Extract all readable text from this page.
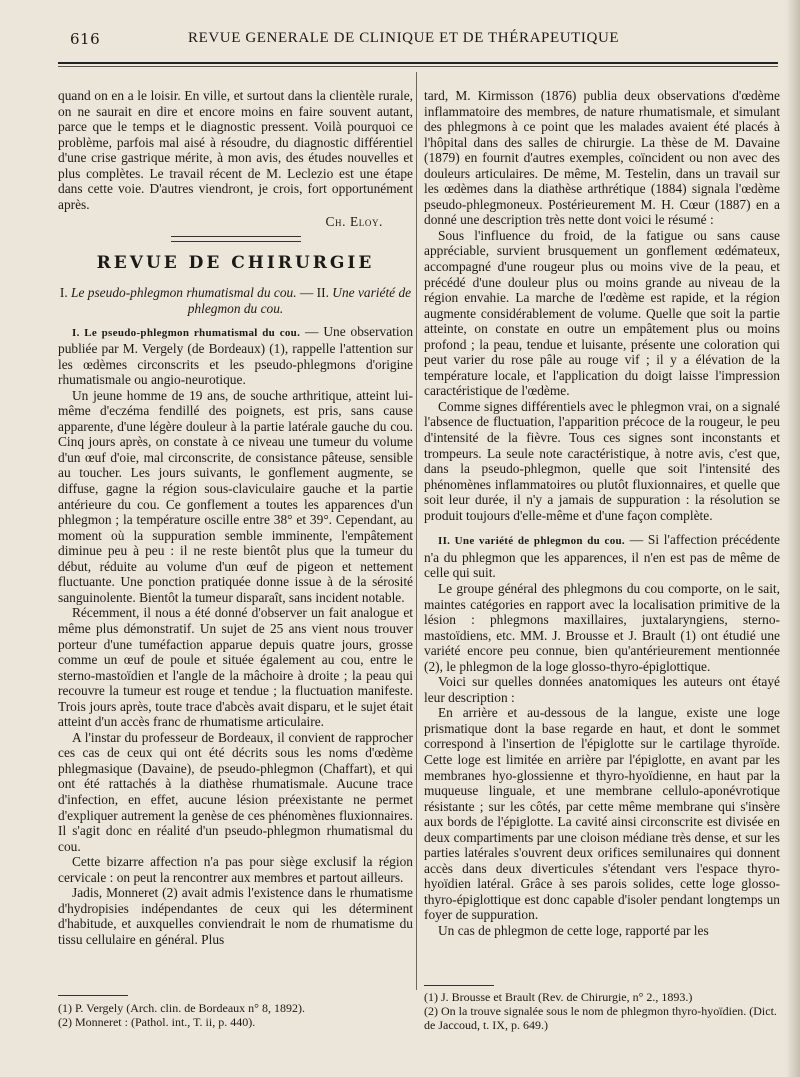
616	REVUE GENERALE DE CLINIQUE ET DE THÉRAPEUTIQUE

quand on en a le loisir. En ville, et surtout dans la clientèle rurale, on ne saurait en dire et encore moins en faire souvent autant, parce que le temps et le diagnostic pressent. Voilà pourquoi ce problème, parfois mal aisé à résoudre, du diagnostic différentiel d'une crise gastrique mérite, à mon avis, des études nouvelles et plus complètes. Le travail récent de M. Leclezio est une étape dans cette voie. D'autres viendront, je crois, fort opportunément après.

Ch. Eloy.

REVUE DE CHIRURGIE

I. Le pseudo-phlegmon rhumatismal du cou. — II. Une variété de phlegmon du cou.

I. Le pseudo-phlegmon rhumatismal du cou. — Une observation publiée par M. Vergely (de Bordeaux) (1), rappelle l'attention sur les œdèmes circonscrits et les pseudo-phlegmons d'origine rhumatismale ou angio-neurotique.

Un jeune homme de 19 ans, de souche arthritique, atteint lui-même d'eczéma fendillé des poignets, est pris, sans cause apparente, d'une légère douleur à la partie latérale gauche du cou. Cinq jours après, on constate à ce niveau une tumeur du volume d'un œuf d'oie, mal circonscrite, de consistance pâteuse, sensible au toucher. Les jours suivants, le gonflement augmente, se diffuse, gagne la région sous-claviculaire gauche et la partie antérieure du cou. Ce gonflement a toutes les apparences d'un phlegmon ; la température oscille entre 38° et 39°. Cependant, au moment où la suppuration semble imminente, l'empâtement diminue peu à peu : il ne reste bientôt plus que la tumeur du début, réduite au volume d'un œuf de pigeon et nettement fluctuante. Une ponction pratiquée donne issue à de la sérosité sanguinolente. Bientôt la tumeur disparaît, sans incident notable.

Récemment, il nous a été donné d'observer un fait analogue et même plus démonstratif. Un sujet de 25 ans vient nous trouver porteur d'une tuméfaction apparue depuis quatre jours, grosse comme un œuf de poule et située également au cou, entre le sterno-mastoïdien et l'angle de la mâchoire à droite ; la peau qui recouvre la tumeur est rouge et tendue ; la fluctuation manifeste. Trois jours après, toute trace d'abcès avait disparu, et le sujet était atteint d'un accès franc de rhumatisme articulaire.

A l'instar du professeur de Bordeaux, il convient de rapprocher ces cas de ceux qui ont été décrits sous les noms d'œdème phlegmasique (Davaine), de pseudo-phlegmon (Chaffart), et qui ont été rattachés à la diathèse rhumatismale. Aucune trace d'infection, en effet, aucune lésion préexistante ne permet d'expliquer autrement la genèse de ces phénomènes fluxionnaires. Il s'agit donc en réalité d'un pseudo-phlegmon rhumatismal du cou.

Cette bizarre affection n'a pas pour siège exclusif la région cervicale : on peut la rencontrer aux membres et partout ailleurs.

Jadis, Monneret (2) avait admis l'existence dans le rhumatisme d'hydropisies indépendantes de ceux qui les déterminent d'habitude, et auxquelles conviendrait le nom de rhumatisme du tissu cellulaire en général. Plus

tard, M. Kirmisson (1876) publia deux observations d'œdème inflammatoire des membres, de nature rhumatismale, et simulant des phlegmons à ce point que les malades avaient été placés à l'hôpital dans des salles de chirurgie. La thèse de M. Davaine (1879) en fournit d'autres exemples, coïncident ou non avec des douleurs articulaires. De même, M. Testelin, dans un travail sur les œdèmes dans la diathèse arthrétique (1884) signala l'œdème pseudo-phlegmoneux. Postérieurement M. H. Cœur (1887) en a donné une description très nette dont voici le résumé :

Sous l'influence du froid, de la fatigue ou sans cause appréciable, survient brusquement un gonflement œdémateux, accompagné d'une rougeur plus ou moins vive de la peau, et précédé d'une douleur plus ou moins grande au niveau de la région envahie. La marche de l'œdème est rapide, et la région augmente considérablement de volume. Quelle que soit la partie atteinte, on constate en outre un empâtement plus ou moins profond ; la peau, tendue et luisante, présente une coloration qui peut varier du rose pâle au rouge vif ; il y a élévation de la température locale, et l'application du doigt laisse l'impression caractéristique de l'œdème.

Comme signes différentiels avec le phlegmon vrai, on a signalé l'absence de fluctuation, l'apparition précoce de la rougeur, le peu d'intensité de la fièvre. Tous ces signes sont inconstants et trompeurs. La seule note caractéristique, à notre avis, c'est que, dans la pseudo-phlegmon, quelle que soit l'intensité des phénomènes inflammatoires ou plutôt fluxionnaires, et quelle que soit leur durée, il n'y a jamais de suppuration : la résolution se produit toujours d'elle-même et d'une façon complète.

II. Une variété de phlegmon du cou. — Si l'affection précédente n'a du phlegmon que les apparences, il n'en est pas de même de celle qui suit.

Le groupe général des phlegmons du cou comporte, on le sait, maintes catégories en rapport avec la localisation primitive de la lésion : phlegmons maxillaires, juxtalaryngiens, sterno-mastoïdiens, etc. MM. J. Brousse et J. Brault (1) ont étudié une variété encore peu connue, bien qu'antérieurement mentionnée (2), le phlegmon de la loge glosso-thyro-épiglottique.

Voici sur quelles données anatomiques les auteurs ont étayé leur description :

En arrière et au-dessous de la langue, existe une loge prismatique dont la base regarde en haut, et dont le sommet correspond à l'insertion de l'épiglotte sur le cartilage thyroïde. Cette loge est limitée en arrière par l'épiglotte, en avant par les membranes hyo-glossienne et thyro-hyoïdienne, en haut par la muqueuse linguale, et une membrane cellulo-aponévrotique résistante ; sur les côtés, par cette même membrane qui s'insère aux bords de l'épiglotte. La cavité ainsi circonscrite est divisée en deux compartiments par une cloison médiane très dense, et sur les parties latérales s'ouvrent deux orifices semilunaires qui donnent accès dans deux diverticules s'étendant vers l'espace thyro-hyoïdien latéral. Grâce à ses parois solides, cette loge glosso-thyro-épiglottique est donc capable d'isoler pendant longtemps un foyer de suppuration.

Un cas de phlegmon de cette loge, rapporté par les

(1) P. Vergely (Arch. clin. de Bordeaux n° 8, 1892).

(2) Monneret : (Pathol. int., T. ii, p. 440).

(1) J. Brousse et Brault (Rev. de Chirurgie, n° 2., 1893.)

(2) On la trouve signalée sous le nom de phlegmon thyro-hyoïdien. (Dict. de Jaccoud, t. IX, p. 649.)
